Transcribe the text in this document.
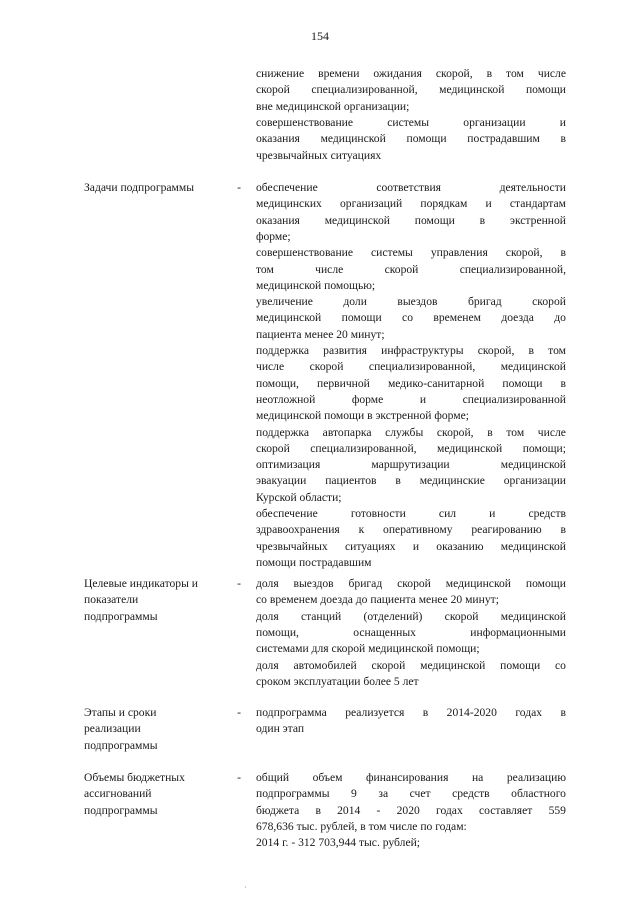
154
снижение времени ожидания скорой, в том числе
скорой специализированной, медицинской помощи
вне медицинской организации;
совершенствование	системы	организации	и
оказания медицинской помощи пострадавшим в
чрезвычайных ситуациях
Задачи подпрограммы	-	обеспечение	соответствия	деятельности
медицинских организаций порядкам и стандартам
оказания медицинской помощи в экстренной
форме;
совершенствование системы управления скорой, в
том	числе	скорой	специализированной,
медицинской помощью;
увеличение	доли	выездов	бригад	скорой
медицинской помощи со временем доезда до
пациента менее 20 минут;
поддержка развития инфраструктуры скорой, в том
числе скорой специализированной, медицинской
помощи, первичной медико-санитарной помощи в
неотложной	форме	и	специализированной
медицинской помощи в экстренной форме;
поддержка автопарка службы скорой, в том числе
скорой специализированной, медицинской помощи;
оптимизация	маршрутизации	медицинской
эвакуации пациентов в медицинские организации
Курской области;
обеспечение	готовности	сил	и	средств
здравоохранения к оперативному реагированию в
чрезвычайных ситуациях и оказанию медицинской
помощи пострадавшим
Целевые индикаторы и
показатели
подпрограммы
-	доля выездов бригад скорой медицинской помощи
со временем доезда до пациента менее 20 минут;
доля станций (отделений) скорой медицинской
помощи,	оснащенных	информационными
системами для скорой медицинской помощи;
доля автомобилей скорой медицинской помощи со
сроком эксплуатации более 5 лет
Этапы и сроки
реализации
подпрограммы
-	подпрограмма реализуется в 2014-2020 годах в
один этап
Объемы бюджетных
ассигнований
подпрограммы
-	общий объем финансирования на реализацию
подпрограммы 9 за счет средств областного
бюджета в 2014 - 2020 годах составляет 559
678,636 тыс. рублей, в том числе по годам:
2014 г. - 312 703,944 тыс. рублей;
·
